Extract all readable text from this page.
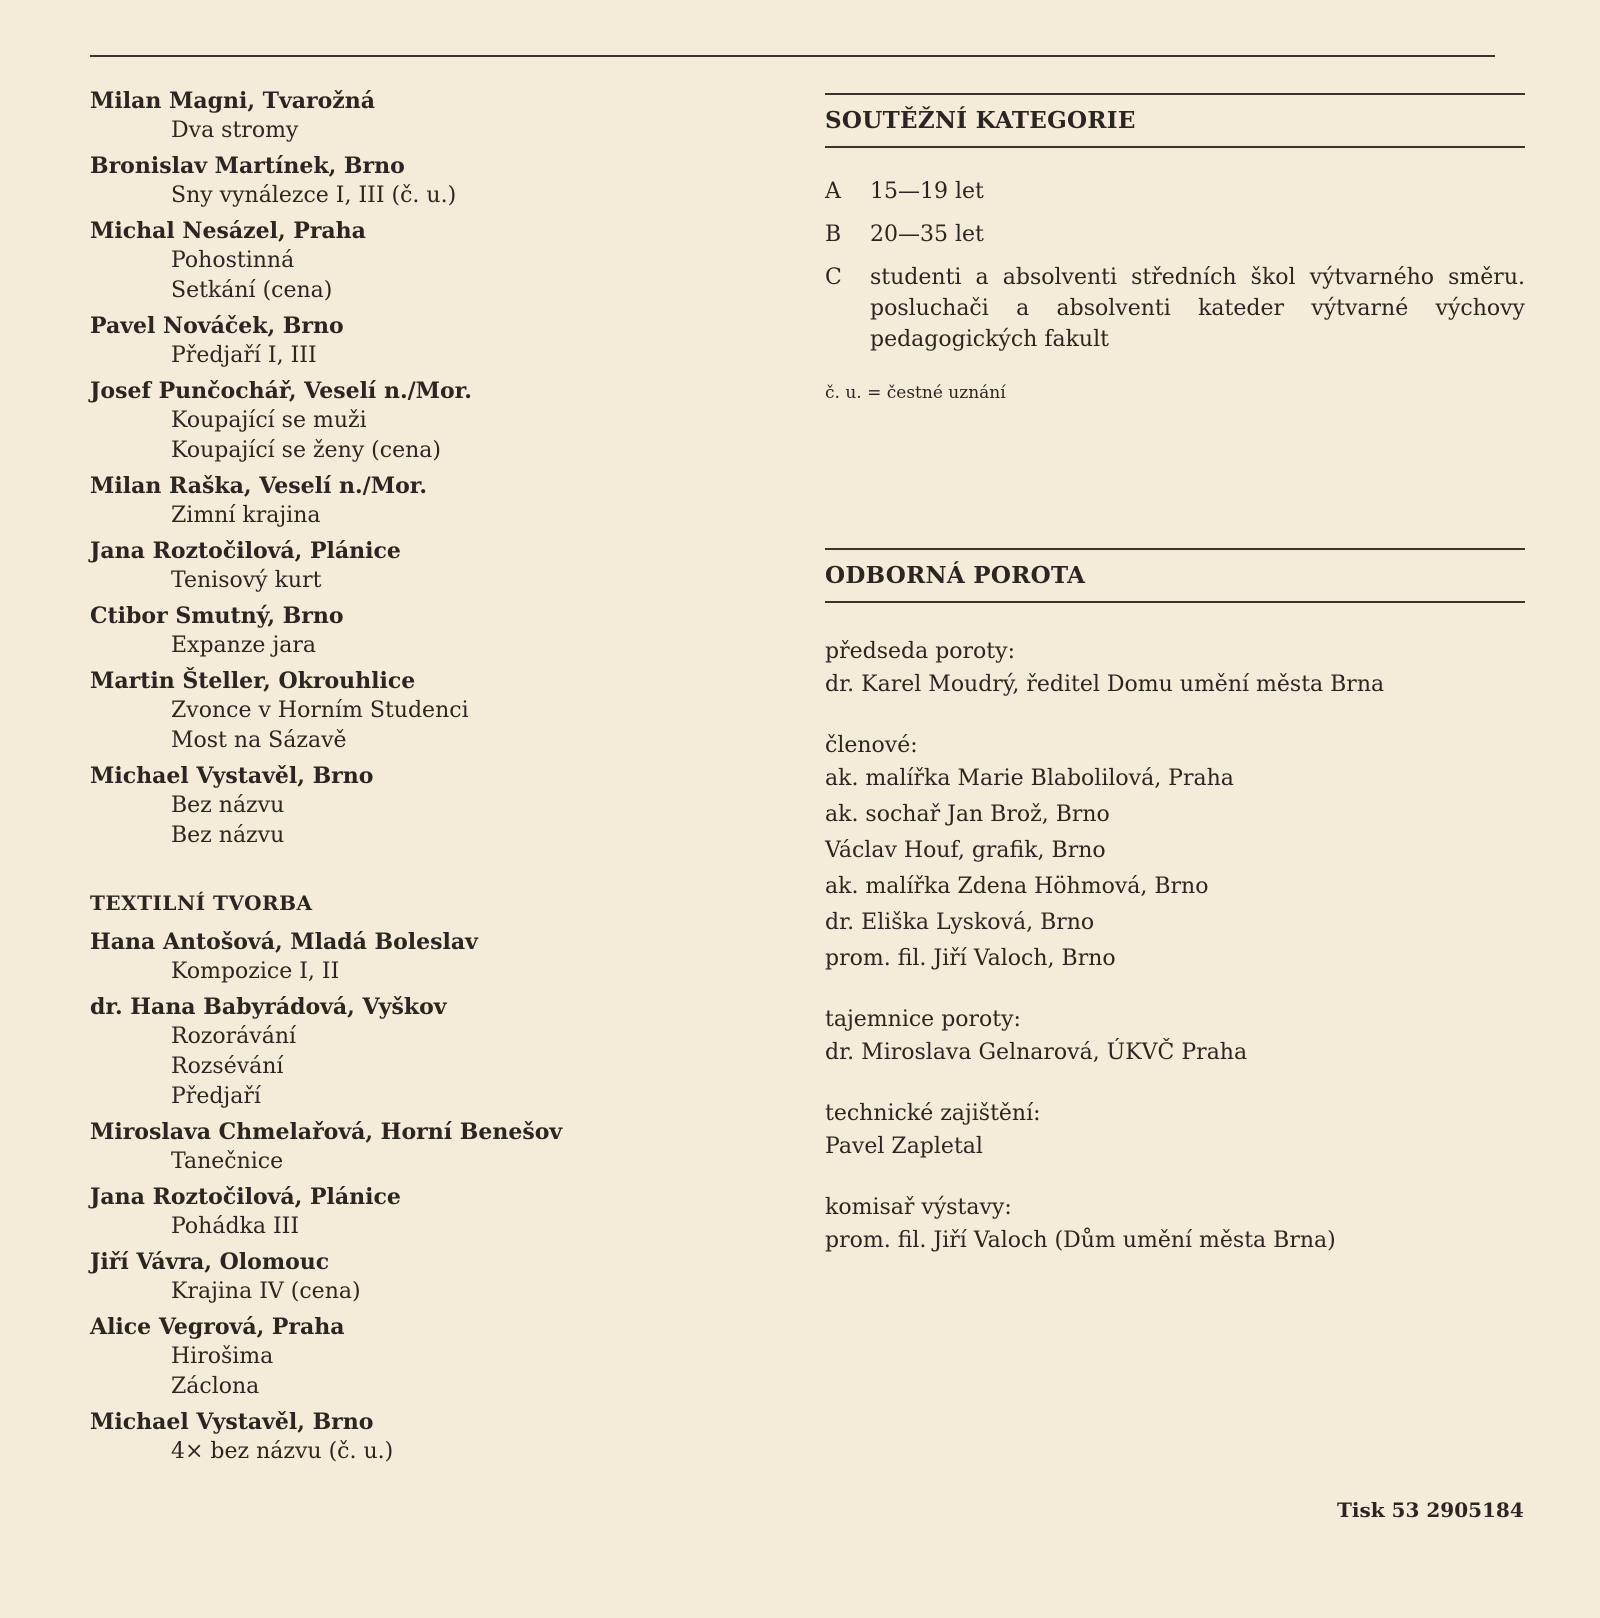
Milan Magni, Tvarožná
Dva stromy
Bronislav Martínek, Brno
Sny vynálezce I, III (č. u.)
Michal Nesázel, Praha
Pohostinná
Setkání (cena)
Pavel Nováček, Brno
Předjaří I, III
Josef Punčochář, Veselí n./Mor.
Koupající se muži
Koupající se ženy (cena)
Milan Raška, Veselí n./Mor.
Zimní krajina
Jana Roztočilová, Plánice
Tenisový kurt
Ctibor Smutný, Brno
Expanze jara
Martin Šteller, Okrouhlice
Zvonce v Horním Studenci
Most na Sázavě
Michael Vystavěl, Brno
Bez názvu
Bez názvu
TEXTILNÍ TVORBA
Hana Antošová, Mladá Boleslav
Kompozice I, II
dr. Hana Babyrádová, Vyškov
Rozorávání
Rozsévání
Předjaří
Miroslava Chmelařová, Horní Benešov
Tanečnice
Jana Roztočilová, Plánice
Pohádka III
Jiří Vávra, Olomouc
Krajina IV (cena)
Alice Vegrová, Praha
Hirošima
Záclona
Michael Vystavěl, Brno
4× bez názvu (č. u.)
SOUTĚŽNÍ KATEGORIE
A	15—19 let
B	20—35 let
C	studenti a absolventi středních škol výtvarného směru. posluchači a absolventi kateder výtvarné výchovy pedagogických fakult
č. u. = čestné uznání
ODBORNÁ POROTA
předseda poroty:
dr. Karel Moudrý, ředitel Domu umění města Brna
členové:
ak. malířka Marie Blabolilová, Praha
ak. sochař Jan Brož, Brno
Václav Houf, grafik, Brno
ak. malířka Zdena Höhmová, Brno
dr. Eliška Lysková, Brno
prom. fil. Jiří Valoch, Brno
tajemnice poroty:
dr. Miroslava Gelnarová, ÚKVČ Praha
technické zajištění:
Pavel Zapletal
komisař výstavy:
prom. fil. Jiří Valoch (Dům umění města Brna)
Tisk 53 2905184
